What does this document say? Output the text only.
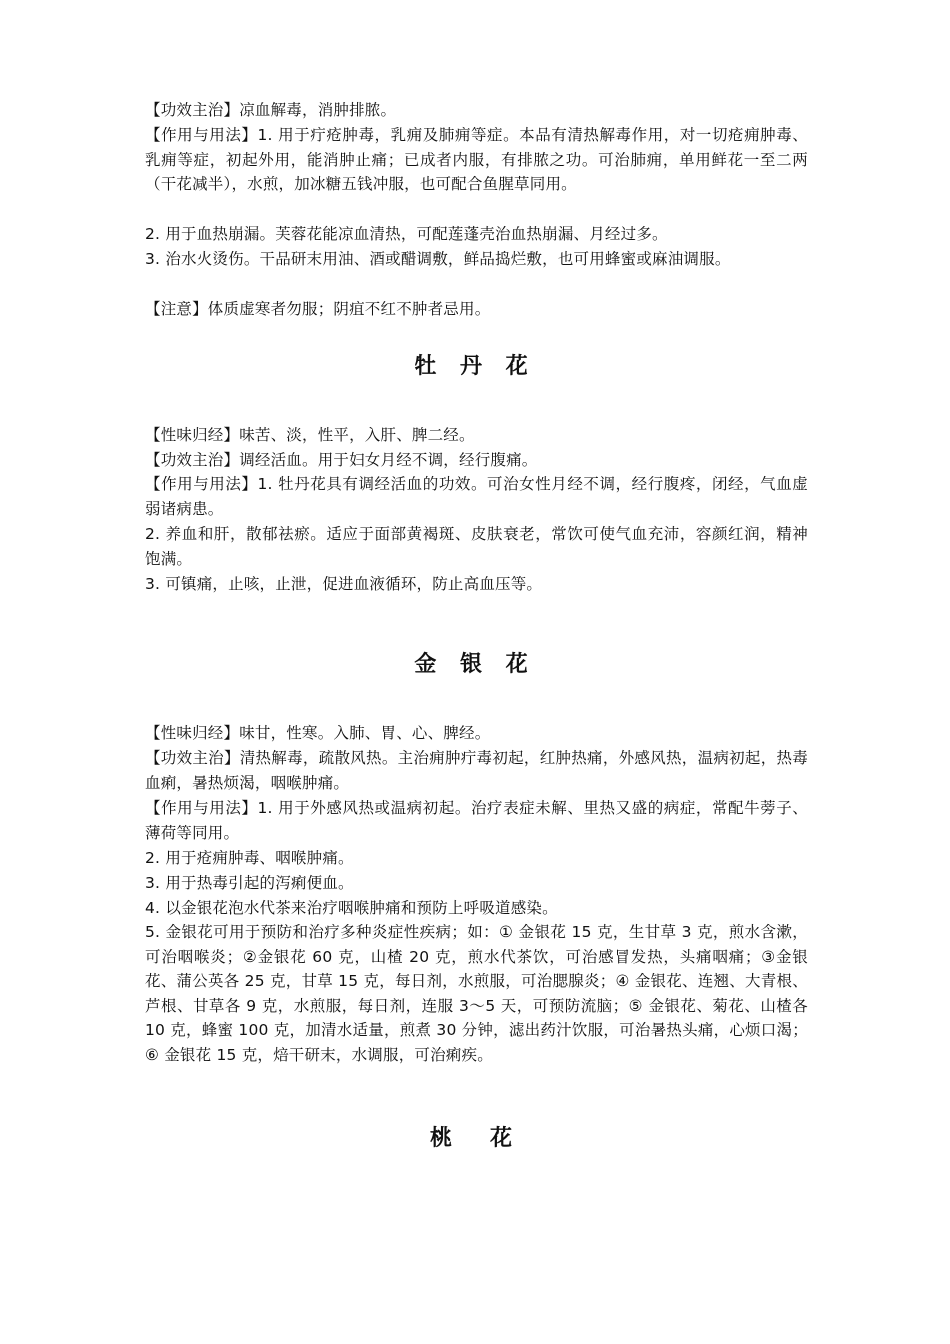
【功效主治】凉血解毒，消肿排脓。

【作用与用法】1. 用于疔疮肿毒，乳痈及肺痈等症。本品有清热解毒作用，对一切疮痈肿毒、乳痈等症，初起外用，能消肿止痛；已成者内服，有排脓之功。可治肺痈，单用鲜花一至二两（干花减半），水煎，加冰糖五钱冲服，也可配合鱼腥草同用。

2. 用于血热崩漏。芙蓉花能凉血清热，可配莲蓬壳治血热崩漏、月经过多。

3. 治水火烫伤。干品研末用油、酒或醋调敷，鲜品捣烂敷，也可用蜂蜜或麻油调服。

【注意】体质虚寒者勿服；阴疽不红不肿者忌用。

牡 丹 花

【性味归经】味苦、淡，性平，入肝、脾二经。

【功效主治】调经活血。用于妇女月经不调，经行腹痛。

【作用与用法】1. 牡丹花具有调经活血的功效。可治女性月经不调，经行腹疼，闭经，气血虚弱诸病患。

2. 养血和肝，散郁祛瘀。适应于面部黄褐斑、皮肤衰老，常饮可使气血充沛，容颜红润，精神饱满。

3. 可镇痛，止咳，止泄，促进血液循环，防止高血压等。

金 银 花

【性味归经】味甘，性寒。入肺、胃、心、脾经。

【功效主治】清热解毒，疏散风热。主治痈肿疔毒初起，红肿热痛，外感风热，温病初起，热毒血痢，暑热烦渴，咽喉肿痛。

【作用与用法】1. 用于外感风热或温病初起。治疗表症未解、里热又盛的病症，常配牛蒡子、薄荷等同用。

2. 用于疮痈肿毒、咽喉肿痛。

3. 用于热毒引起的泻痢便血。

4. 以金银花泡水代茶来治疗咽喉肿痛和预防上呼吸道感染。

5. 金银花可用于预防和治疗多种炎症性疾病；如：① 金银花 15 克，生甘草 3 克，煎水含漱，可治咽喉炎；②金银花 60 克，山楂 20 克，煎水代茶饮，可治感冒发热，头痛咽痛；③金银花、蒲公英各 25 克，甘草 15 克，每日剂，水煎服，可治腮腺炎；④ 金银花、连翘、大青根、芦根、甘草各 9 克，水煎服，每日剂，连服 3～5 天，可预防流脑；⑤ 金银花、菊花、山楂各 10 克，蜂蜜 100 克，加清水适量，煎煮 30 分钟，滤出药汁饮服，可治暑热头痛，心烦口渴；⑥ 金银花 15 克，焙干研末，水调服，可治痢疾。

桃　花
